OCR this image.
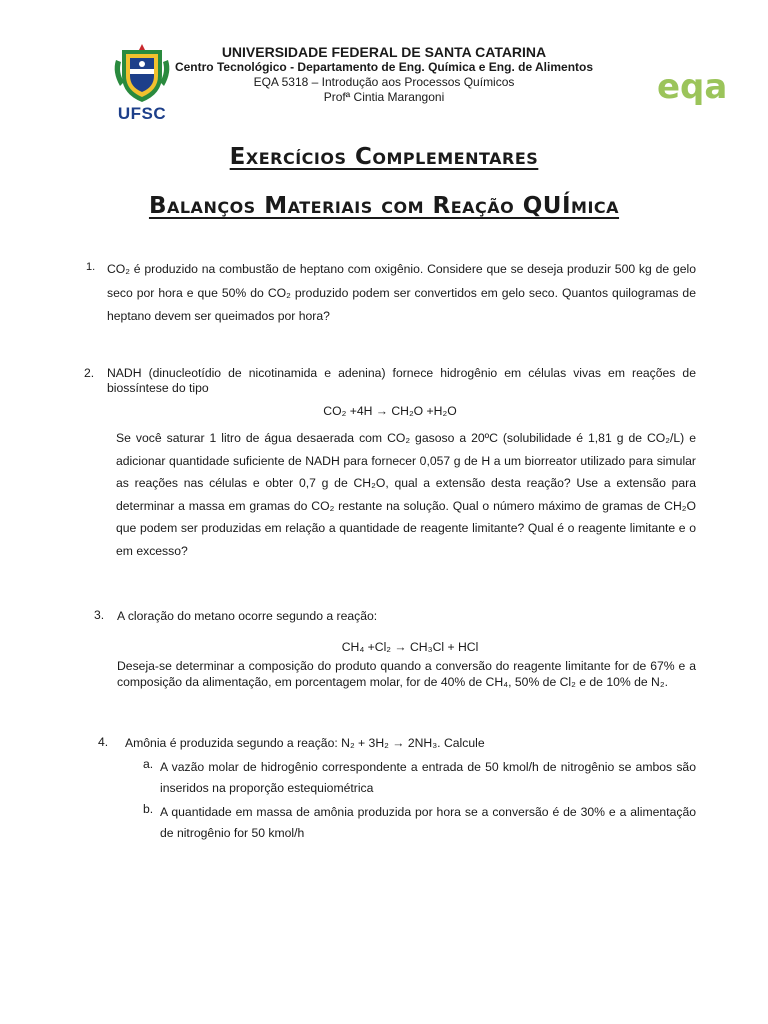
UFSC
UNIVERSIDADE FEDERAL DE SANTA CATARINA
Centro Tecnológico - Departamento de Eng. Química e Eng. de Alimentos
EQA 5318 – Introdução aos Processos Químicos
Profª Cintia Marangoni	eqa
Exercícios Complementares
Balanços Materiais com Reação QUÍmica
1. CO₂ é produzido na combustão de heptano com oxigênio. Considere que se deseja produzir 500 kg de gelo seco por hora e que 50% do CO₂ produzido podem ser convertidos em gelo seco. Quantos quilogramas de heptano devem ser queimados por hora?
2. NADH (dinucleotídio de nicotinamida e adenina) fornece hidrogênio em células vivas em reações de biossíntese do tipo
CO₂ +4H → CH₂O +H₂O
Se você saturar 1 litro de água desaerada com CO₂ gasoso a 20ºC (solubilidade é 1,81 g de CO₂/L) e adicionar quantidade suficiente de NADH para fornecer 0,057 g de H a um biorreator utilizado para simular as reações nas células e obter 0,7 g de CH₂O, qual a extensão desta reação? Use a extensão para determinar a massa em gramas do CO₂ restante na solução. Qual o número máximo de gramas de CH₂O que podem ser produzidas em relação a quantidade de reagente limitante? Qual é o reagente limitante e o em excesso?
3. A cloração do metano ocorre segundo a reação:
CH₄ +Cl₂ → CH₃Cl + HCl
Deseja-se determinar a composição do produto quando a conversão do reagente limitante for de 67% e a composição da alimentação, em porcentagem molar, for de 40% de CH₄, 50% de Cl₂ e de 10% de N₂.
4. Amônia é produzida segundo a reação: N₂ + 3H₂ → 2NH₃. Calcule
a. A vazão molar de hidrogênio correspondente a entrada de 50 kmol/h de nitrogênio se ambos são inseridos na proporção estequiométrica
b. A quantidade em massa de amônia produzida por hora se a conversão é de 30% e a alimentação de nitrogênio for 50 kmol/h
